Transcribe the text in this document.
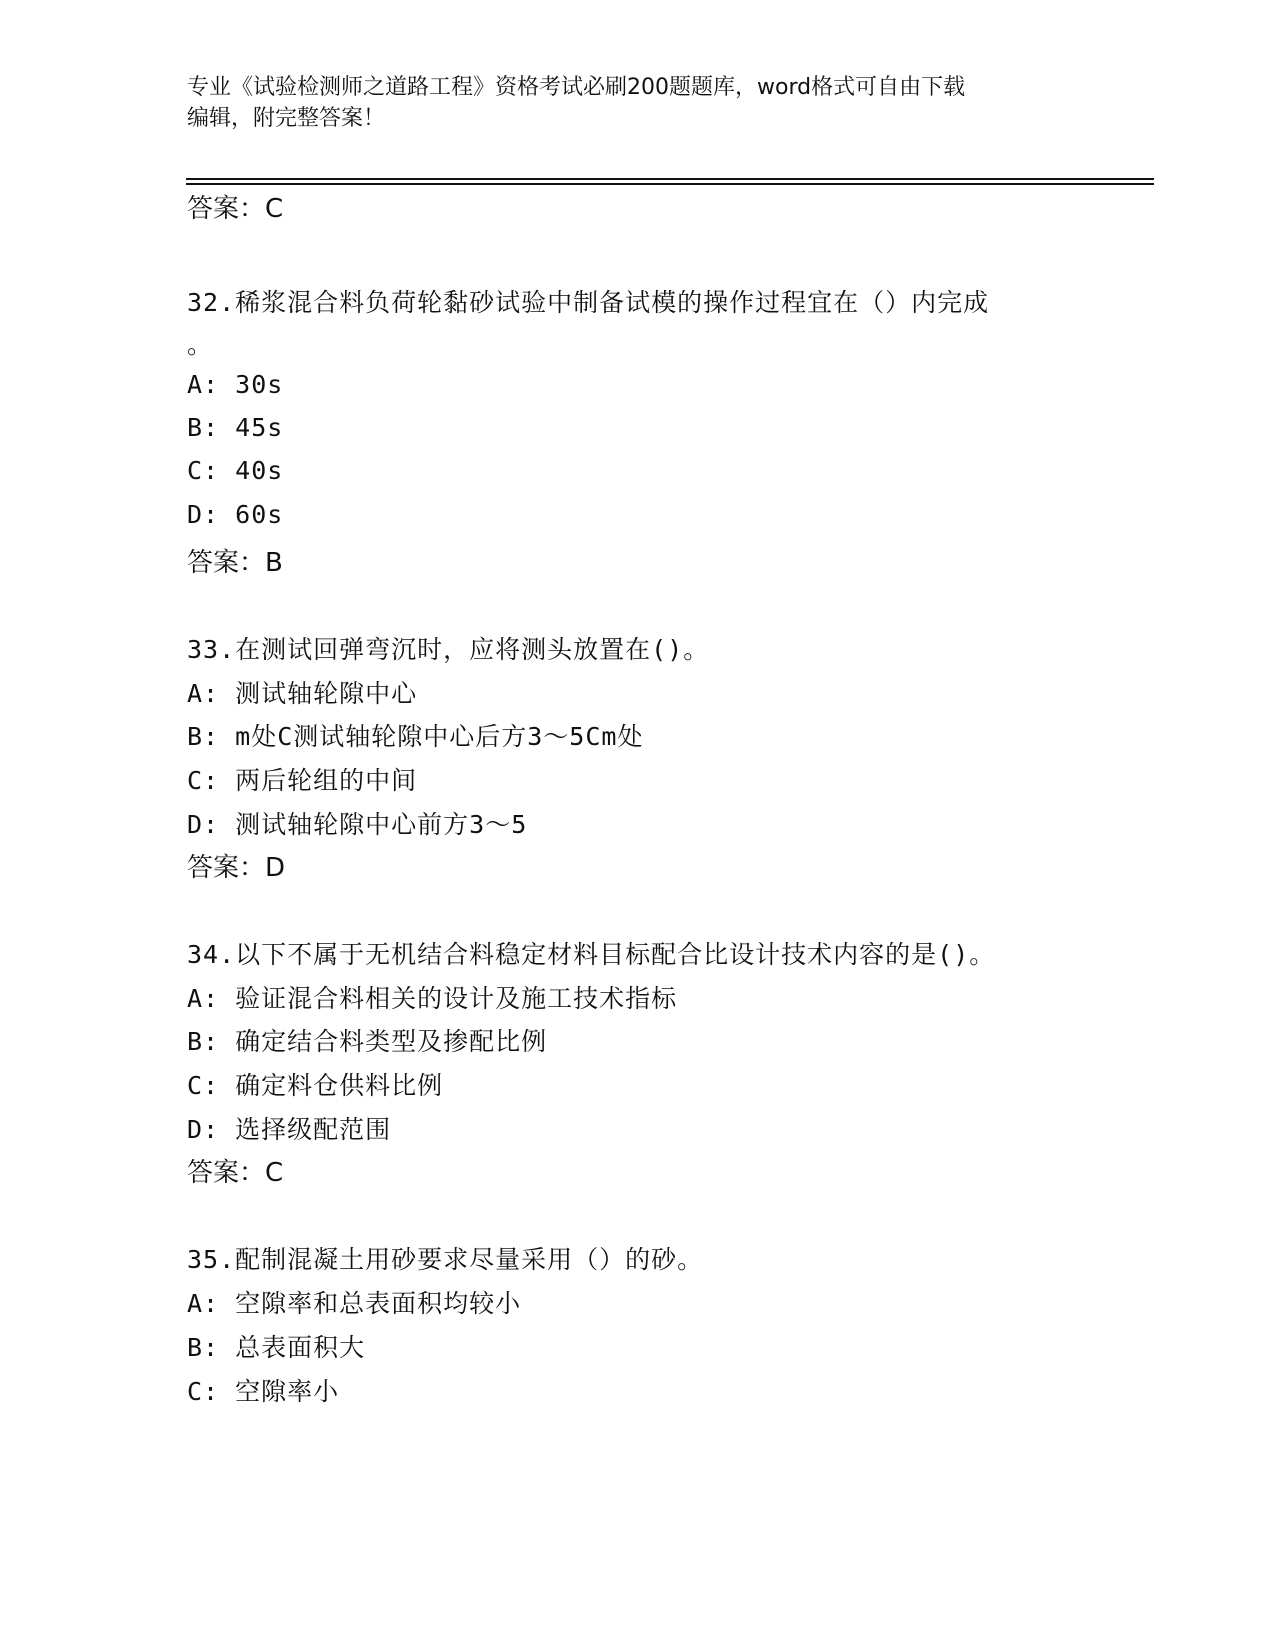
专业《试验检测师之道路工程》资格考试必刷200题题库，word格式可自由下载
编辑，附完整答案！
答案：C
32.稀浆混合料负荷轮黏砂试验中制备试模的操作过程宜在（）内完成
。
A: 30s
B: 45s
C: 40s
D: 60s
答案：B
33.在测试回弹弯沉时，应将测头放置在()。
A: 测试轴轮隙中心
B: m处C测试轴轮隙中心后方3～5Cm处
C: 两后轮组的中间
D: 测试轴轮隙中心前方3～5
答案：D
34.以下不属于无机结合料稳定材料目标配合比设计技术内容的是()。
A: 验证混合料相关的设计及施工技术指标
B: 确定结合料类型及掺配比例
C: 确定料仓供料比例
D: 选择级配范围
答案：C
35.配制混凝土用砂要求尽量采用（）的砂。
A: 空隙率和总表面积均较小
B: 总表面积大
C: 空隙率小
